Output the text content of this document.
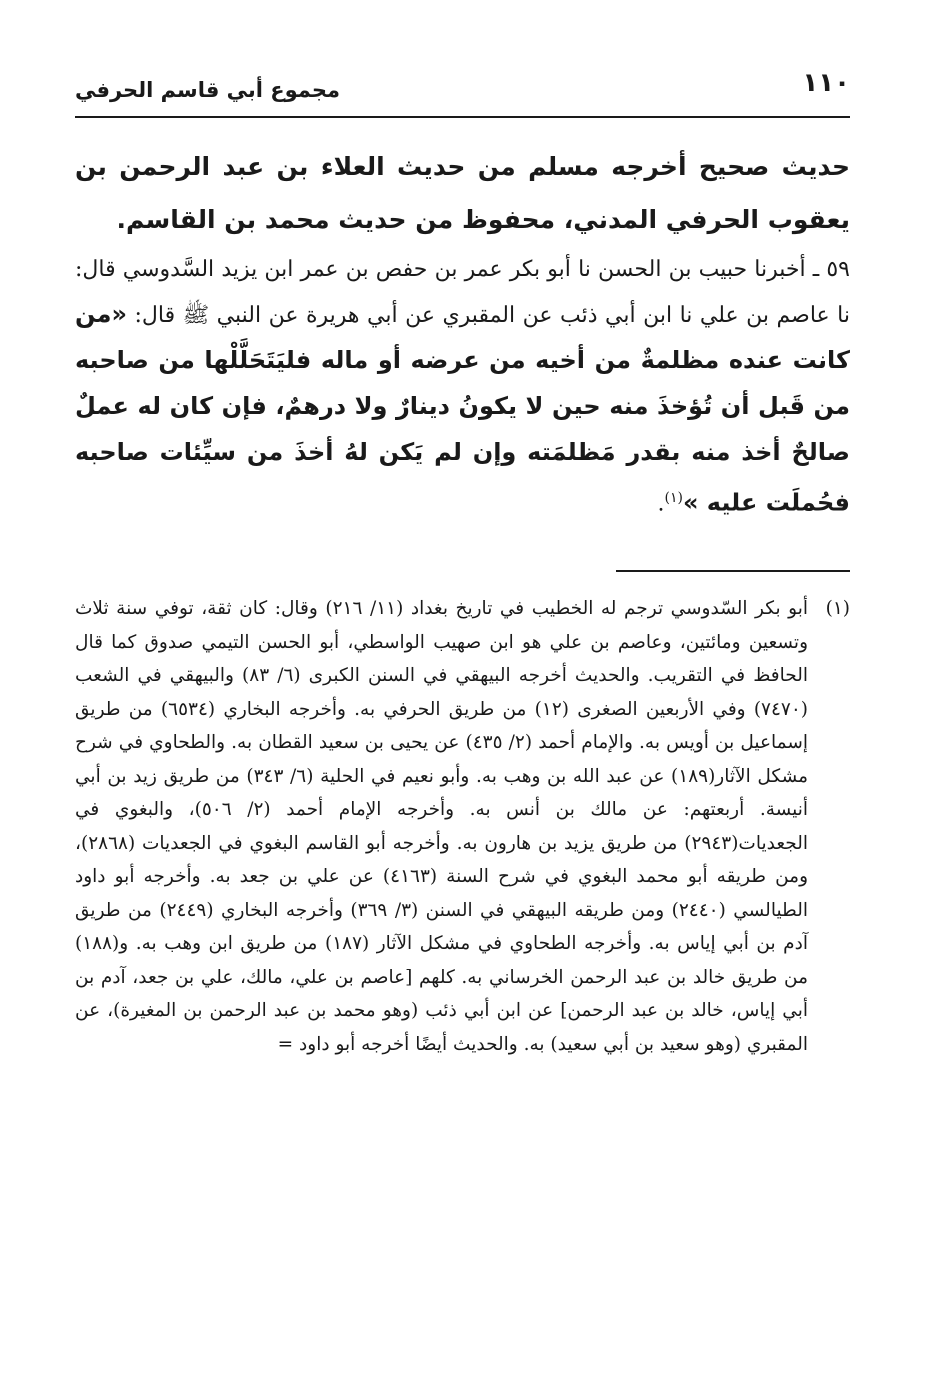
١١٠
مجموع أبي قاسم الحرفي

حديث صحيح أخرجه مسلم من حديث العلاء بن عبد الرحمن بن يعقوب الحرفي المدني، محفوظ من حديث محمد بن القاسم.

٥٩ ـ أخبرنا حبيب بن الحسن نا أبو بكر عمر بن حفص بن عمر ابن يزيد السَّدوسي قال: نا عاصم بن علي نا ابن أبي ذئب عن المقبري عن أبي هريرة عن النبي ﷺ قال: «من كانت عنده مظلمةٌ من أخيه من عرضه أو ماله فليَتَحَلَّلْها من صاحبه من قَبل أن تُؤخذَ منه حين لا يكونُ دينارٌ ولا درهمٌ، فإن كان له عملٌ صالحٌ أخذ منه بقدر مَظلمَته وإن لم يَكن لهُ أخذَ من سيِّئات صاحبه فحُملَت عليه »$^{(١)}$.

(١)
أبو بكر السّدوسي ترجم له الخطيب في تاريخ بغداد (١١/ ٢١٦) وقال: كان ثقة، توفي سنة ثلاث وتسعين ومائتين، وعاصم بن علي هو ابن صهيب الواسطي، أبو الحسن التيمي صدوق كما قال الحافظ في التقريب. والحديث أخرجه البيهقي في السنن الكبرى (٦/ ٨٣) والبيهقي في الشعب (٧٤٧٠) وفي الأربعين الصغرى (١٢) من طريق الحرفي به. وأخرجه البخاري (٦٥٣٤) من طريق إسماعيل بن أويس به. والإمام أحمد (٢/ ٤٣٥) عن يحيى بن سعيد القطان به. والطحاوي في شرح مشكل الآثار(١٨٩) عن عبد الله بن وهب به. وأبو نعيم في الحلية (٦/ ٣٤٣) من طريق زيد بن أبي أنيسة. أربعتهم: عن مالك بن أنس به. وأخرجه الإمام أحمد (٢/ ٥٠٦)، والبغوي في الجعديات(٢٩٤٣) من طريق يزيد بن هارون به. وأخرجه أبو القاسم البغوي في الجعديات (٢٨٦٨)، ومن طريقه أبو محمد البغوي في شرح السنة (٤١٦٣) عن علي بن جعد به. وأخرجه أبو داود الطيالسي (٢٤٤٠) ومن طريقه البيهقي في السنن (٣/ ٣٦٩) وأخرجه البخاري (٢٤٤٩) من طريق آدم بن أبي إياس به. وأخرجه الطحاوي في مشكل الآثار (١٨٧) من طريق ابن وهب به. و(١٨٨) من طريق خالد بن عبد الرحمن الخرساني به. كلهم [عاصم بن علي، مالك، علي بن جعد، آدم بن أبي إياس، خالد بن عبد الرحمن] عن ابن أبي ذئب (وهو محمد بن عبد الرحمن بن المغيرة)، عن المقبري (وهو سعيد بن أبي سعيد) به. والحديث أيضًا أخرجه أبو داود =
